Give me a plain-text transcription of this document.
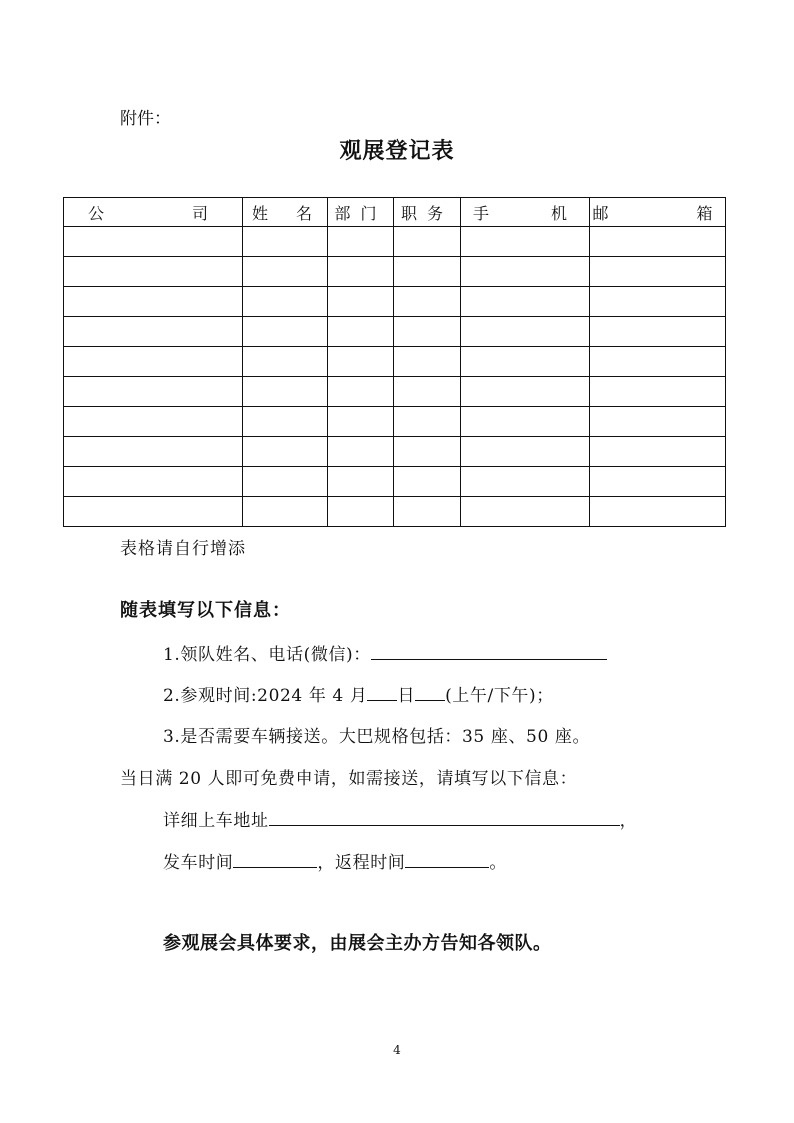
附件：
观展登记表
公　　　司	姓　名	部门	职务	手　　机	邮　　　箱

表格请自行增添
随表填写以下信息：
1.领队姓名、电话(微信)：
2.参观时间:2024 年 4 月 日 (上午/下午)；
3.是否需要车辆接送。大巴规格包括：35 座、50 座。
当日满 20 人即可免费申请，如需接送，请填写以下信息：
详细上车地址	，
发车时间	，返程时间	。
参观展会具体要求，由展会主办方告知各领队。
4
